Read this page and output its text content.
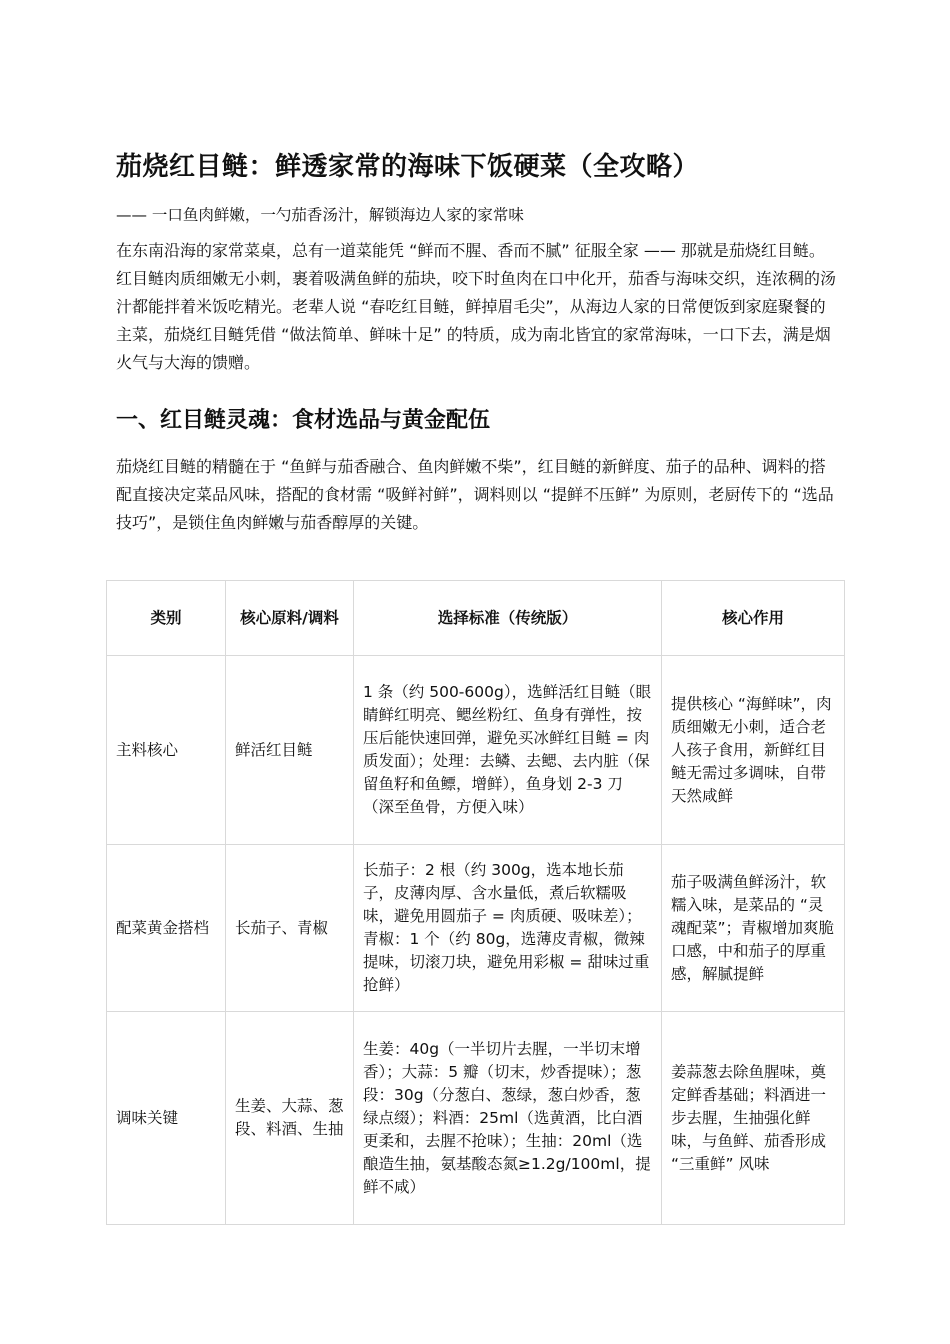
茄烧红目鲢：鲜透家常的海味下饭硬菜（全攻略）

—— 一口鱼肉鲜嫩，一勺茄香汤汁，解锁海边人家的家常味

在东南沿海的家常菜桌，总有一道菜能凭 “鲜而不腥、香而不腻” 征服全家 —— 那就是茄烧红目鲢。红目鲢肉质细嫩无小刺，裹着吸满鱼鲜的茄块，咬下时鱼肉在口中化开，茄香与海味交织，连浓稠的汤汁都能拌着米饭吃精光。老辈人说 “春吃红目鲢，鲜掉眉毛尖”，从海边人家的日常便饭到家庭聚餐的主菜，茄烧红目鲢凭借 “做法简单、鲜味十足” 的特质，成为南北皆宜的家常海味，一口下去，满是烟火气与大海的馈赠。

一、红目鲢灵魂：食材选品与黄金配伍

茄烧红目鲢的精髓在于 “鱼鲜与茄香融合、鱼肉鲜嫩不柴”，红目鲢的新鲜度、茄子的品种、调料的搭配直接决定菜品风味，搭配的食材需 “吸鲜衬鲜”，调料则以 “提鲜不压鲜” 为原则，老厨传下的 “选品技巧”，是锁住鱼肉鲜嫩与茄香醇厚的关键。

类别	核心原料/调料	选择标准（传统版）	核心作用
主料核心	鲜活红目鲢	1 条（约 500-600g），选鲜活红目鲢（眼睛鲜红明亮、鳃丝粉红、鱼身有弹性，按压后能快速回弹，避免买冰鲜红目鲢 = 肉质发面）；处理：去鳞、去鳃、去内脏（保留鱼籽和鱼鳔，增鲜），鱼身划 2-3 刀（深至鱼骨，方便入味）	提供核心 “海鲜味”，肉质细嫩无小刺，适合老人孩子食用，新鲜红目鲢无需过多调味，自带天然咸鲜
配菜黄金搭档	长茄子、青椒	长茄子：2 根（约 300g，选本地长茄子，皮薄肉厚、含水量低，煮后软糯吸味，避免用圆茄子 = 肉质硬、吸味差）；青椒：1 个（约 80g，选薄皮青椒，微辣提味，切滚刀块，避免用彩椒 = 甜味过重抢鲜）	茄子吸满鱼鲜汤汁，软糯入味，是菜品的 “灵魂配菜”；青椒增加爽脆口感，中和茄子的厚重感，解腻提鲜
调味关键	生姜、大蒜、葱段、料酒、生抽	生姜：40g（一半切片去腥，一半切末增香）；大蒜：5 瓣（切末，炒香提味）；葱段：30g（分葱白、葱绿，葱白炒香，葱绿点缀）；料酒：25ml（选黄酒，比白酒更柔和，去腥不抢味）；生抽：20ml（选酿造生抽，氨基酸态氮≥1.2g/100ml，提鲜不咸）	姜蒜葱去除鱼腥味，奠定鲜香基础；料酒进一步去腥，生抽强化鲜味，与鱼鲜、茄香形成 “三重鲜” 风味
